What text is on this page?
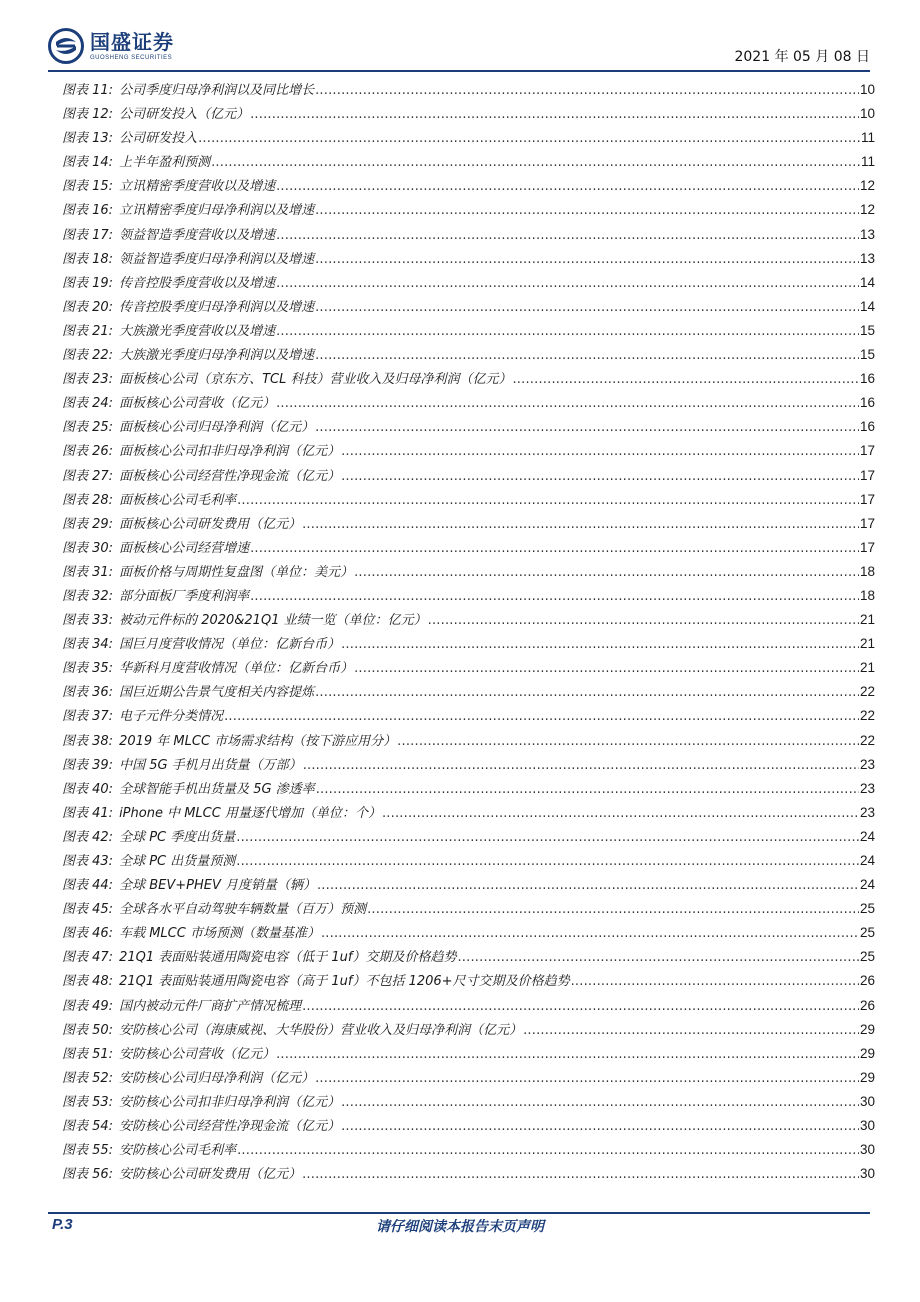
国盛证券
GUOSHENG SECURITIES	2021 年 05 月 08 日
图表 11: 公司季度归母净利润以及同比增长 .....	10
图表 12: 公司研发投入（亿元） .....	10
图表 13: 公司研发投入 .....	11
图表 14: 上半年盈利预测 .....	11
图表 15: 立讯精密季度营收以及增速 .....	12
图表 16: 立讯精密季度归母净利润以及增速 .....	12
图表 17: 领益智造季度营收以及增速 .....	13
图表 18: 领益智造季度归母净利润以及增速 .....	13
图表 19: 传音控股季度营收以及增速 .....	14
图表 20: 传音控股季度归母净利润以及增速 .....	14
图表 21: 大族激光季度营收以及增速 .....	15
图表 22: 大族激光季度归母净利润以及增速 .....	15
图表 23: 面板核心公司（京东方、TCL 科技）营业收入及归母净利润（亿元） .....	16
图表 24: 面板核心公司营收（亿元） .....	16
图表 25: 面板核心公司归母净利润（亿元） .....	16
图表 26: 面板核心公司扣非归母净利润（亿元） .....	17
图表 27: 面板核心公司经营性净现金流（亿元） .....	17
图表 28: 面板核心公司毛利率 .....	17
图表 29: 面板核心公司研发费用（亿元） .....	17
图表 30: 面板核心公司经营增速 .....	17
图表 31: 面板价格与周期性复盘图（单位：美元） .....	18
图表 32: 部分面板厂季度利润率 .....	18
图表 33: 被动元件标的 2020&21Q1 业绩一览（单位：亿元） .....	21
图表 34: 国巨月度营收情况（单位：亿新台币） .....	21
图表 35: 华新科月度营收情况（单位：亿新台币） .....	21
图表 36: 国巨近期公告景气度相关内容提炼 .....	22
图表 37: 电子元件分类情况 .....	22
图表 38: 2019 年 MLCC 市场需求结构（按下游应用分） .....	22
图表 39: 中国 5G 手机月出货量（万部） .....	23
图表 40: 全球智能手机出货量及 5G 渗透率 .....	23
图表 41: iPhone 中 MLCC 用量逐代增加（单位：个） .....	23
图表 42: 全球 PC 季度出货量 .....	24
图表 43: 全球 PC 出货量预测 .....	24
图表 44: 全球 BEV+PHEV 月度销量（辆） .....	24
图表 45: 全球各水平自动驾驶车辆数量（百万）预测 .....	25
图表 46: 车载 MLCC 市场预测（数量基准） .....	25
图表 47: 21Q1 表面贴装通用陶瓷电容（低于 1uf）交期及价格趋势 .....	25
图表 48: 21Q1 表面贴装通用陶瓷电容（高于 1uf）不包括 1206+尺寸交期及价格趋势 .....	26
图表 49: 国内被动元件厂商扩产情况梳理 .....	26
图表 50: 安防核心公司（海康威视、大华股份）营业收入及归母净利润（亿元） .....	29
图表 51: 安防核心公司营收（亿元） .....	29
图表 52: 安防核心公司归母净利润（亿元） .....	29
图表 53: 安防核心公司扣非归母净利润（亿元） .....	30
图表 54: 安防核心公司经营性净现金流（亿元） .....	30
图表 55: 安防核心公司毛利率 .....	30
图表 56: 安防核心公司研发费用（亿元） .....	30
P.3	请仔细阅读本报告末页声明
